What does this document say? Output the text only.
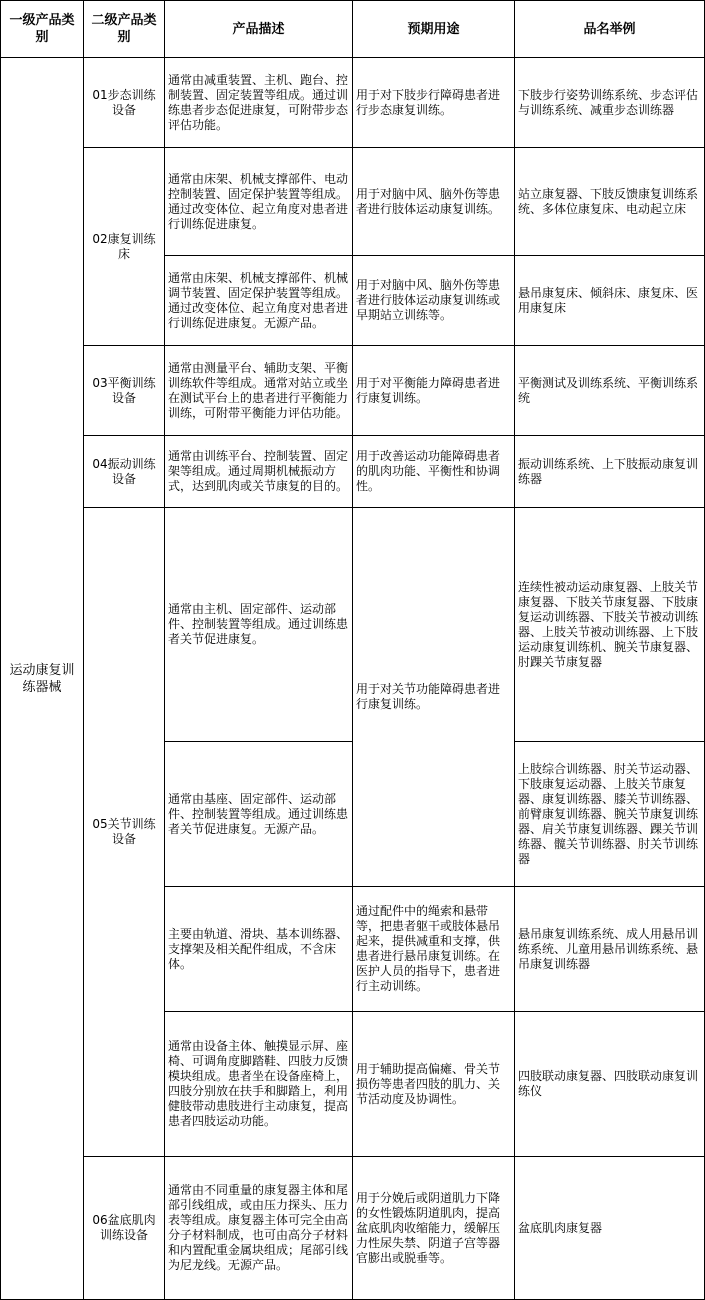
一级产品类别	二级产品类别	产品描述	预期用途	品名举例
运动康复训练器械	01步态训练设备	通常由减重装置、主机、跑台、控制装置、固定装置等组成。通过训练患者步态促进康复，可附带步态评估功能。	用于对下肢步行障碍患者进行步态康复训练。	下肢步行姿势训练系统、步态评估与训练系统、减重步态训练器
	02康复训练床	通常由床架、机械支撑部件、电动控制装置、固定保护装置等组成。通过改变体位、起立角度对患者进行训练促进康复。	用于对脑中风、脑外伤等患者进行肢体运动康复训练。	站立康复器、下肢反馈康复训练系统、多体位康复床、电动起立床
		通常由床架、机械支撑部件、机械调节装置、固定保护装置等组成。通过改变体位、起立角度对患者进行训练促进康复。无源产品。	用于对脑中风、脑外伤等患者进行肢体运动康复训练或早期站立训练等。	悬吊康复床、倾斜床、康复床、医用康复床
	03平衡训练设备	通常由测量平台、辅助支架、平衡训练软件等组成。通常对站立或坐在测试平台上的患者进行平衡能力训练，可附带平衡能力评估功能。	用于对平衡能力障碍患者进行康复训练。	平衡测试及训练系统、平衡训练系统
	04振动训练设备	通常由训练平台、控制装置、固定架等组成。通过周期机械振动方式，达到肌肉或关节康复的目的。	用于改善运动功能障碍患者的肌肉功能、平衡性和协调性。	振动训练系统、上下肢振动康复训练器
	05关节训练设备	通常由主机、固定部件、运动部件、控制装置等组成。通过训练患者关节促进康复。	用于对关节功能障碍患者进行康复训练。	连续性被动运动康复器、上肢关节康复器、下肢关节康复器、下肢康复运动训练器、下肢关节被动训练器、上肢关节被动训练器、上下肢运动康复训练机、腕关节康复器、肘踝关节康复器
		通常由基座、固定部件、运动部件、控制装置等组成。通过训练患者关节促进康复。无源产品。		上肢综合训练器、肘关节运动器、下肢康复运动器、上肢关节康复器、康复训练器、膝关节训练器、前臂康复训练器、腕关节康复训练器、肩关节康复训练器、踝关节训练器、髋关节训练器、肘关节训练器
		主要由轨道、滑块、基本训练器、支撑架及相关配件组成，不含床体。	通过配件中的绳索和悬带等，把患者躯干或肢体悬吊起来，提供减重和支撑，供患者进行悬吊康复训练。在医护人员的指导下，患者进行主动训练。	悬吊康复训练系统、成人用悬吊训练系统、儿童用悬吊训练系统、悬吊康复训练器
		通常由设备主体、触摸显示屏、座椅、可调角度脚踏鞋、四肢力反馈模块组成。患者坐在设备座椅上，四肢分别放在扶手和脚踏上，利用健肢带动患肢进行主动康复，提高患者四肢运动功能。	用于辅助提高偏瘫、骨关节损伤等患者四肢的肌力、关节活动度及协调性。	四肢联动康复器、四肢联动康复训练仪
	06盆底肌肉训练设备	通常由不同重量的康复器主体和尾部引线组成，或由压力探头、压力表等组成。康复器主体可完全由高分子材料制成，也可由高分子材料和内置配重金属块组成；尾部引线为尼龙线。无源产品。	用于分娩后或阴道肌力下降的女性锻炼阴道肌肉，提高盆底肌肉收缩能力，缓解压力性尿失禁、阴道子宫等器官膨出或脱垂等。	盆底肌肉康复器
